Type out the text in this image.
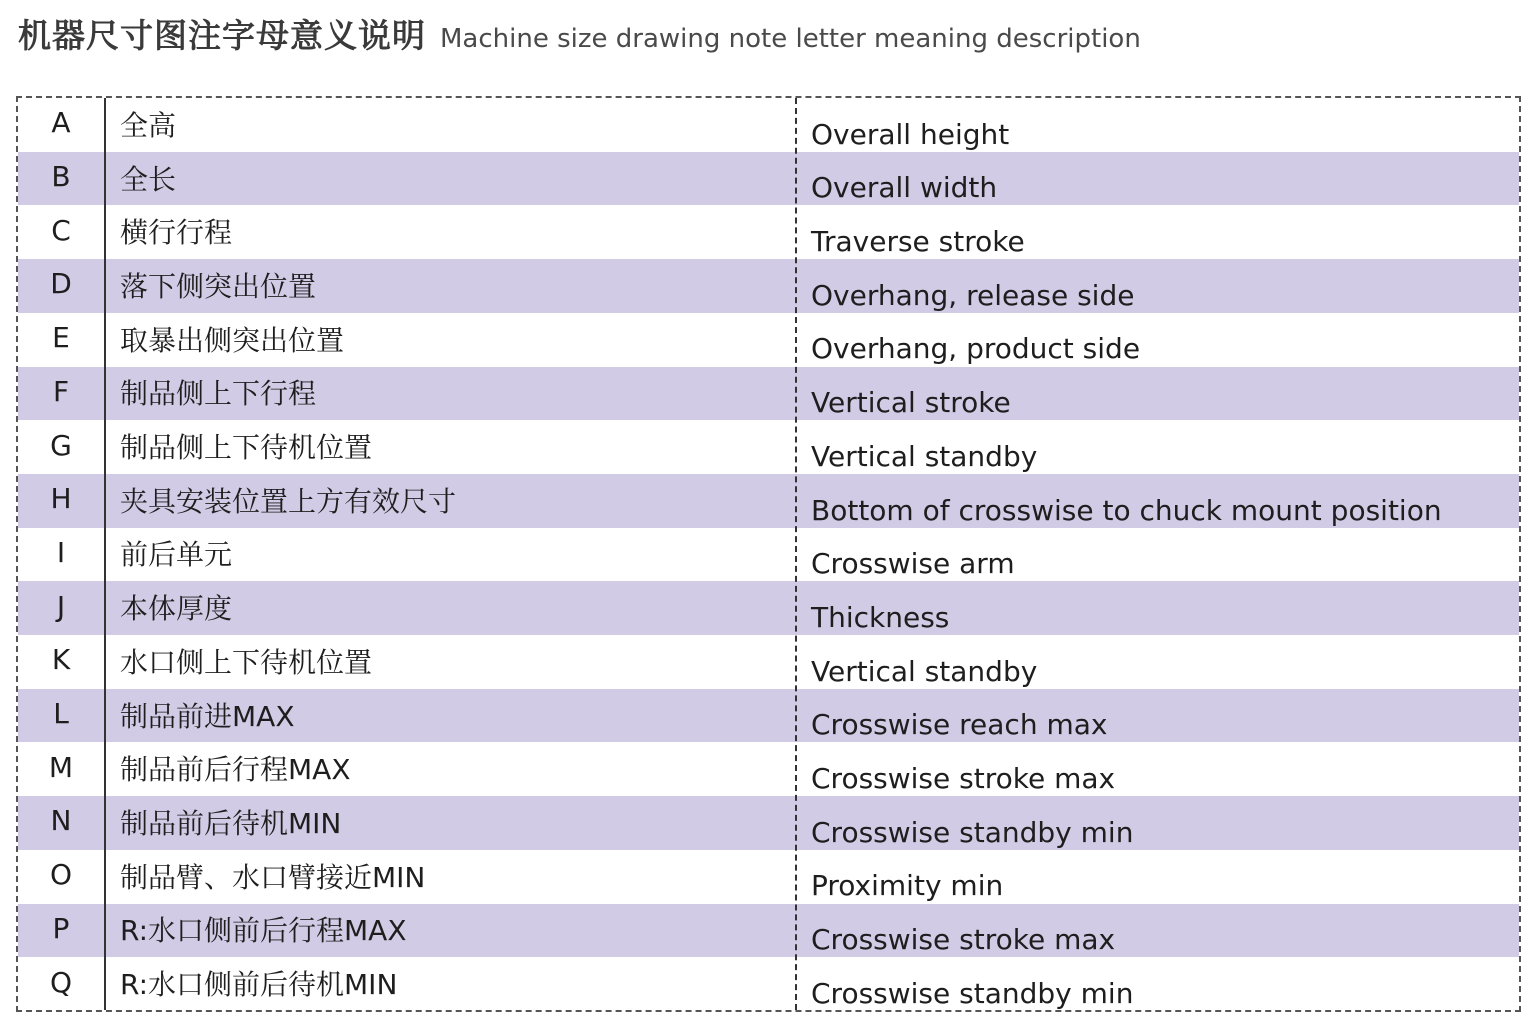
机器尺寸图注字母意义说明 Machine size drawing note letter meaning description
A	全高	Overall height
B	全长	Overall width
C	横行行程	Traverse stroke
D	落下侧突出位置	Overhang, release side
E	取暴出侧突出位置	Overhang, product side
F	制品侧上下行程	Vertical stroke
G	制品侧上下待机位置	Vertical standby
H	夹具安装位置上方有效尺寸	Bottom of crosswise to chuck mount position
I	前后单元	Crosswise arm
J	本体厚度	Thickness
K	水口侧上下待机位置	Vertical standby
L	制品前进MAX	Crosswise reach max
M	制品前后行程MAX	Crosswise stroke max
N	制品前后待机MIN	Crosswise standby min
O	制品臂、水口臂接近MIN	Proximity min
P	R:水口侧前后行程MAX	Crosswise stroke max
Q	R:水口侧前后待机MIN	Crosswise standby min
